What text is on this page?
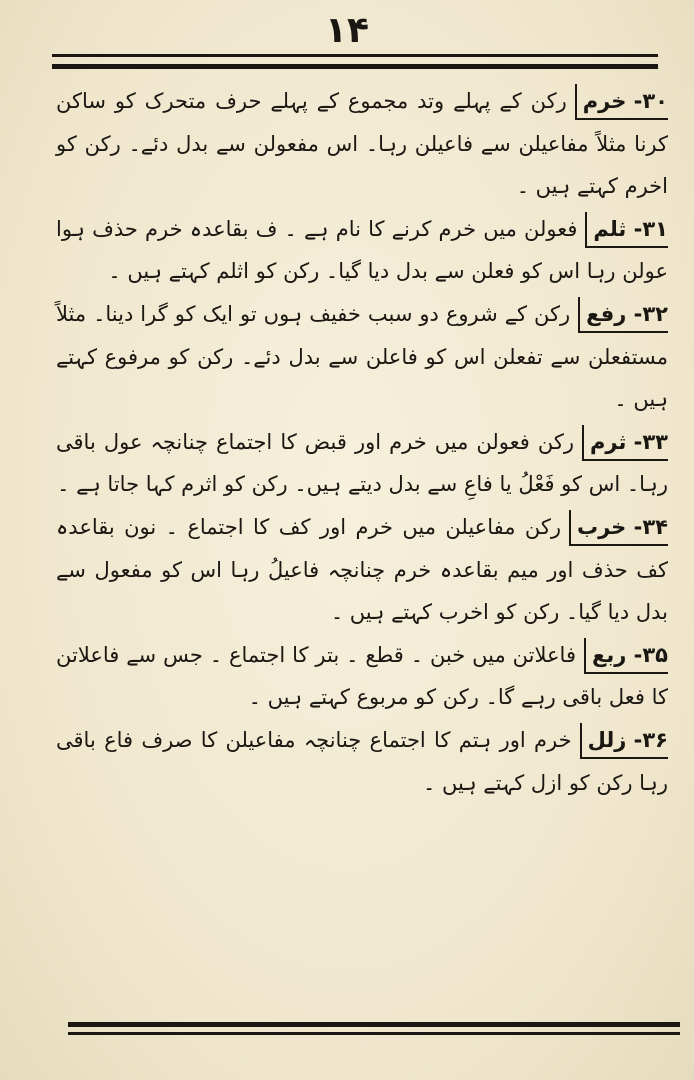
۱۴

۳۰- خرمرکن کے پہلے وتد مجموع کے پہلے حرف متحرک کو ساکن کرنا مثلاً مفاعیلن سے فاعیلن رہا۔ اس مفعولن سے بدل دئے۔ رکن کو اخرم کہتے ہیں ۔

۳۱- ثلمفعولن میں خرم کرنے کا نام ہے ۔ ف بقاعدہ خرم حذف ہوا عولن رہا اس کو فعلن سے بدل دیا گیا۔ رکن کو اثلم کہتے ہیں ۔

۳۲- رفعرکن کے شروع دو سبب خفیف ہوں تو ایک کو گرا دینا۔ مثلاً مستفعلن سے تفعلن اس کو فاعلن سے بدل دئے۔ رکن کو مرفوع کہتے ہیں ۔

۳۳- ثرمرکن فعولن میں خرم اور قبض کا اجتماع چنانچہ عول باقی رہا۔ اس کو فَعْلُ یا فاعِ سے بدل دیتے ہیں۔ رکن کو اثرم کہا جاتا ہے ۔

۳۴- خربرکن مفاعیلن میں خرم اور کف کا اجتماع ۔ نون بقاعدہ کف حذف اور میم بقاعدہ خرم چنانچہ فاعیلُ رہا اس کو مفعول سے بدل دیا گیا۔ رکن کو اخرب کہتے ہیں ۔

۳۵- ربعفاعلاتن میں خبن ۔ قطع ۔ بتر کا اجتماع ۔ جس سے فاعلاتن کا فعل باقی رہے گا۔ رکن کو مربوع کہتے ہیں ۔

۳۶- زللخرم اور ہتم کا اجتماع چنانچہ مفاعیلن کا صرف فاع باقی رہا رکن کو ازل کہتے ہیں ۔
